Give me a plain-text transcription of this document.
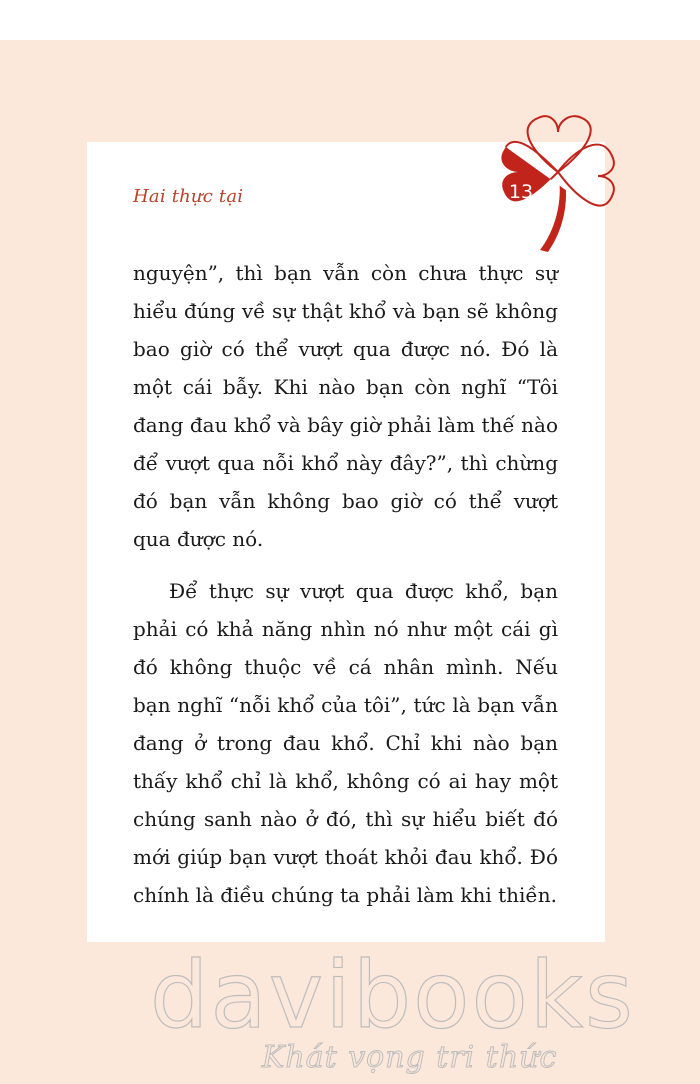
Hai thực tại	13

nguyện”, thì bạn vẫn còn chưa thực sự hiểu đúng về sự thật khổ và bạn sẽ không bao giờ có thể vượt qua được nó. Đó là một cái bẫy. Khi nào bạn còn nghĩ “Tôi đang đau khổ và bây giờ phải làm thế nào để vượt qua nỗi khổ này đây?”, thì chừng đó bạn vẫn không bao giờ có thể vượt qua được nó.

Để thực sự vượt qua được khổ, bạn phải có khả năng nhìn nó như một cái gì đó không thuộc về cá nhân mình. Nếu bạn nghĩ “nỗi khổ của tôi”, tức là bạn vẫn đang ở trong đau khổ. Chỉ khi nào bạn thấy khổ chỉ là khổ, không có ai hay một chúng sanh nào ở đó, thì sự hiểu biết đó mới giúp bạn vượt thoát khỏi đau khổ. Đó chính là điều chúng ta phải làm khi thiền.

davibooks
Khát vọng tri thức
